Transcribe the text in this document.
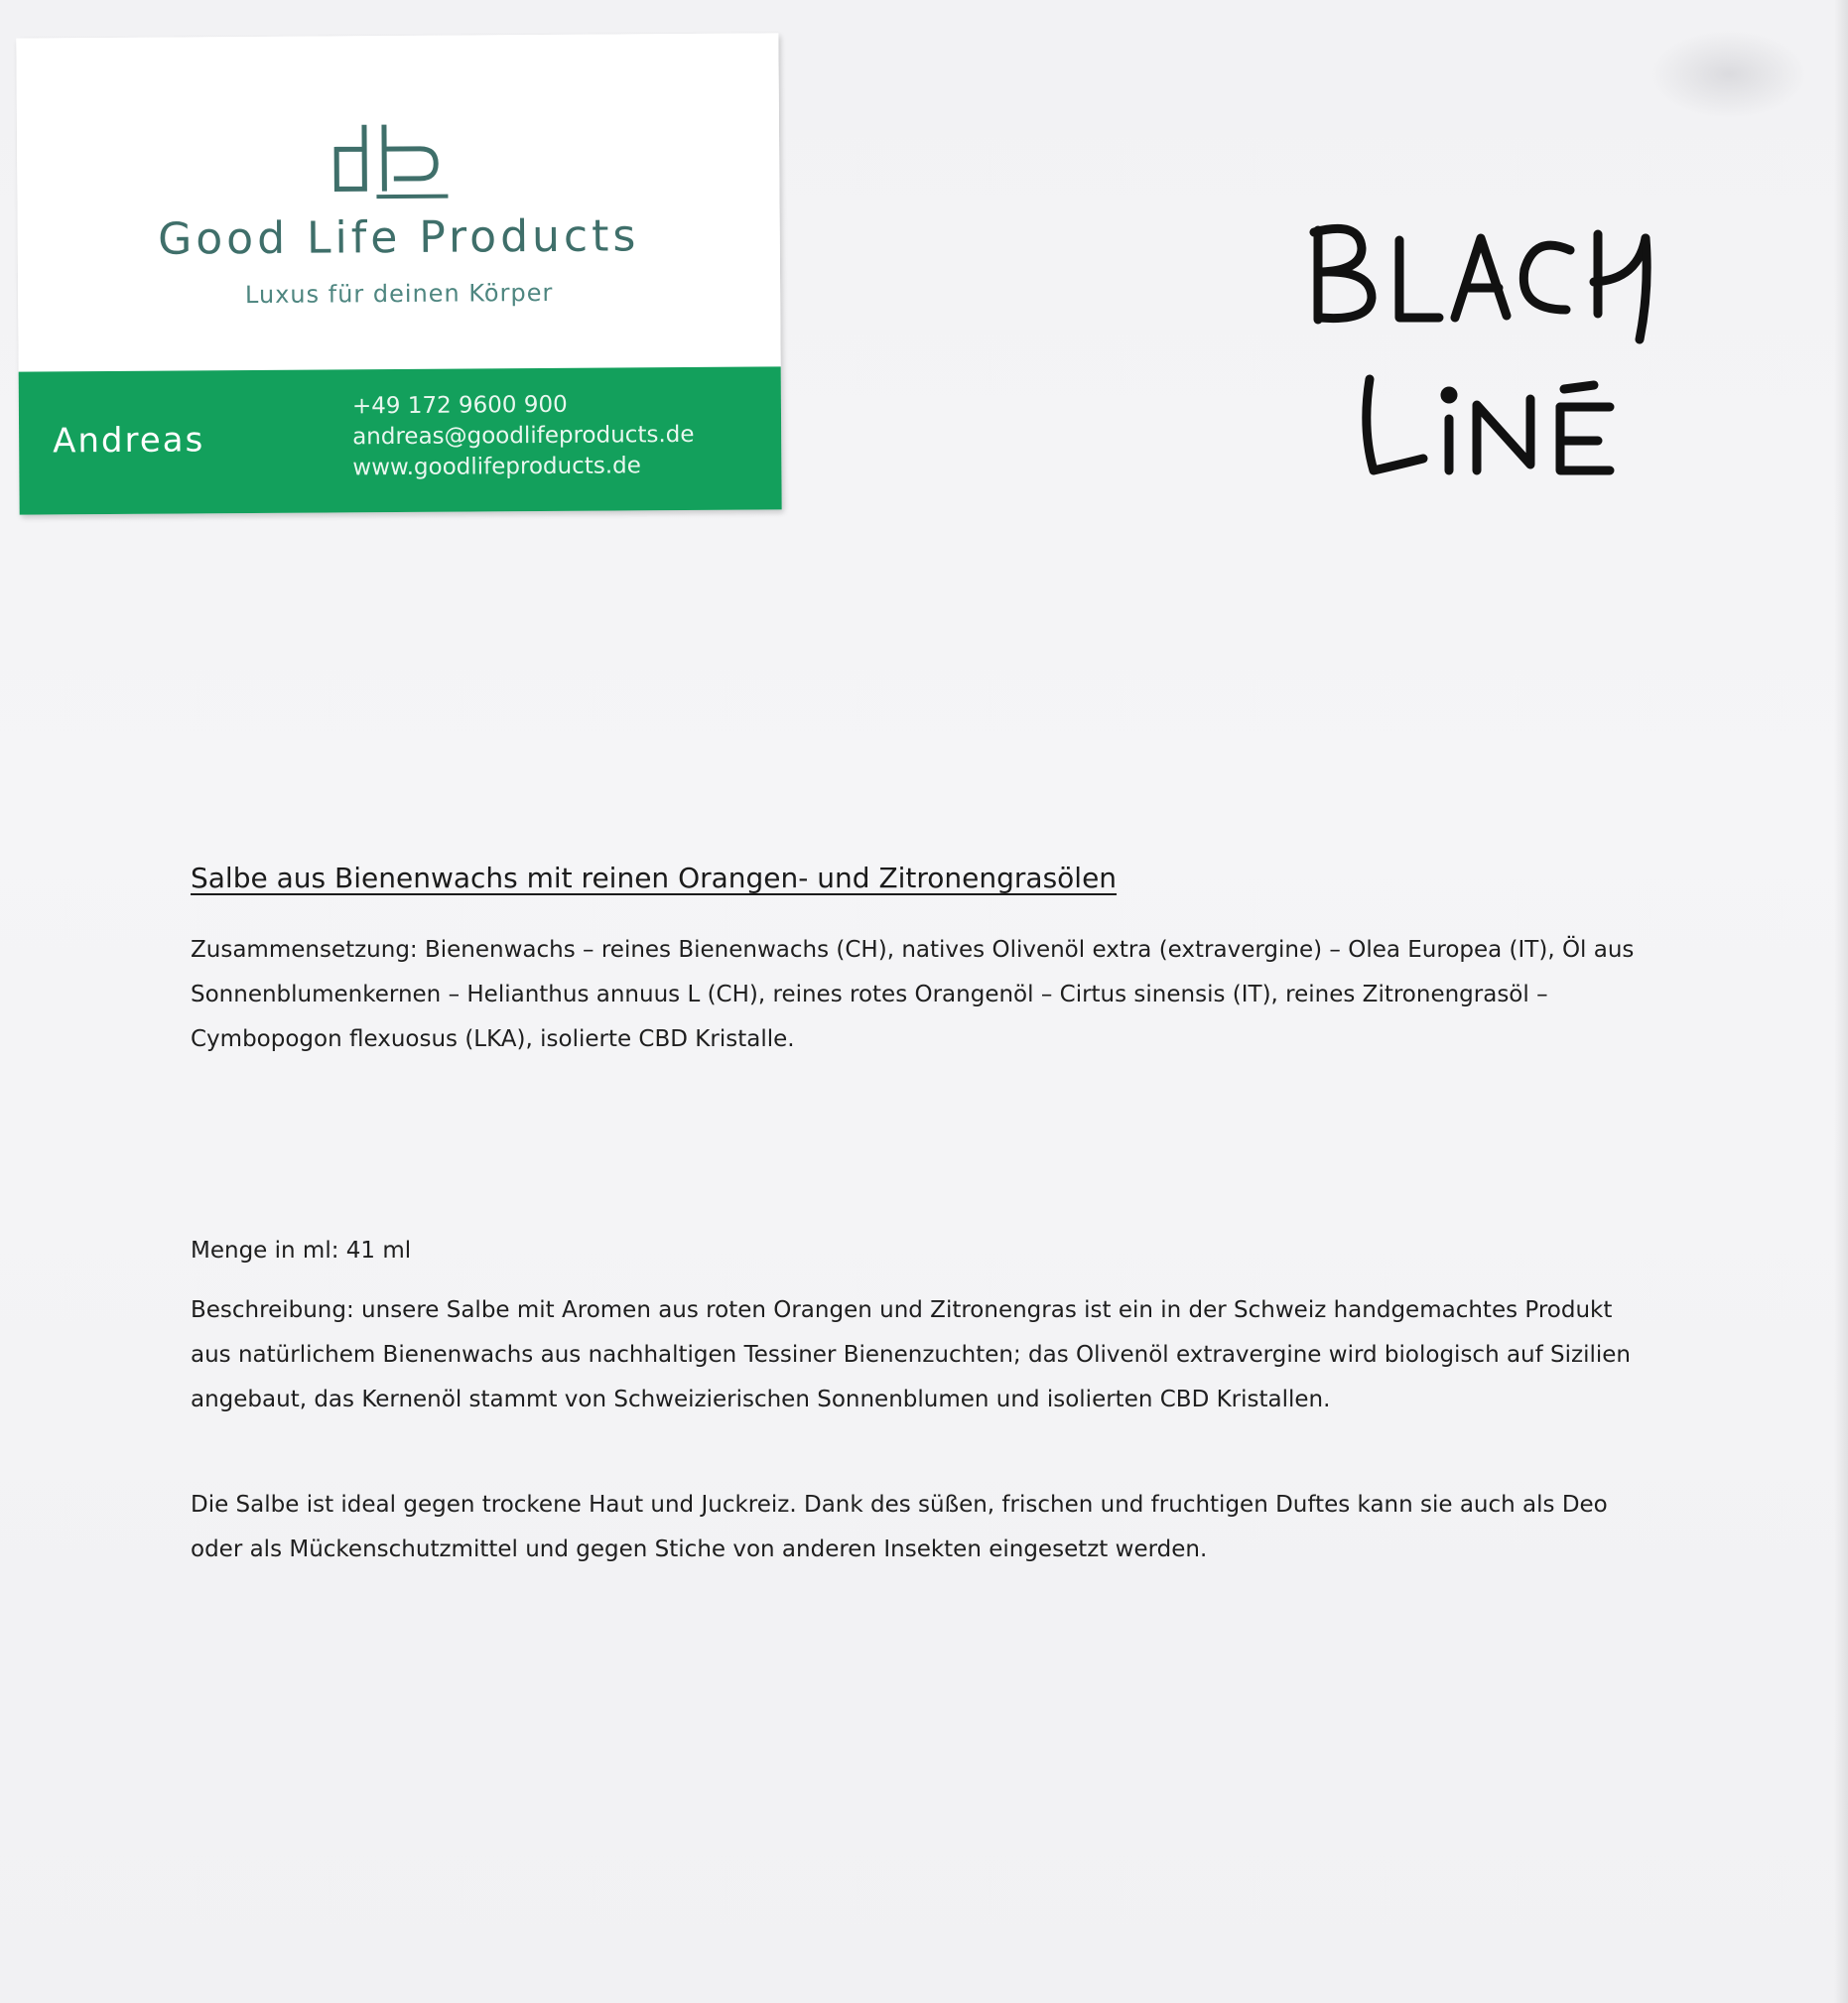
Good Life Products
Luxus für deinen Körper
Andreas
+49 172 9600 900
andreas@goodlifeproducts.de
www.goodlifeproducts.de
Salbe aus Bienenwachs mit reinen Orangen- und Zitronengrasölen

Zusammensetzung: Bienenwachs – reines Bienenwachs (CH), natives Olivenöl extra (extravergine) – Olea Europea (IT), Öl aus Sonnenblumenkernen – Helianthus annuus L (CH), reines rotes Orangenöl – Cirtus sinensis (IT), reines Zitronengrasöl – Cymbopogon flexuosus (LKA), isolierte CBD Kristalle.

Menge in ml: 41 ml

Beschreibung: unsere Salbe mit Aromen aus roten Orangen und Zitronengras ist ein in der Schweiz handgemachtes Produkt aus natürlichem Bienenwachs aus nachhaltigen Tessiner Bienenzuchten; das Olivenöl extravergine wird biologisch auf Sizilien angebaut, das Kernenöl stammt von Schweizierischen Sonnenblumen und isolierten CBD Kristallen.

Die Salbe ist ideal gegen trockene Haut und Juckreiz. Dank des süßen, frischen und fruchtigen Duftes kann sie auch als Deo oder als Mückenschutzmittel und gegen Stiche von anderen Insekten eingesetzt werden.
